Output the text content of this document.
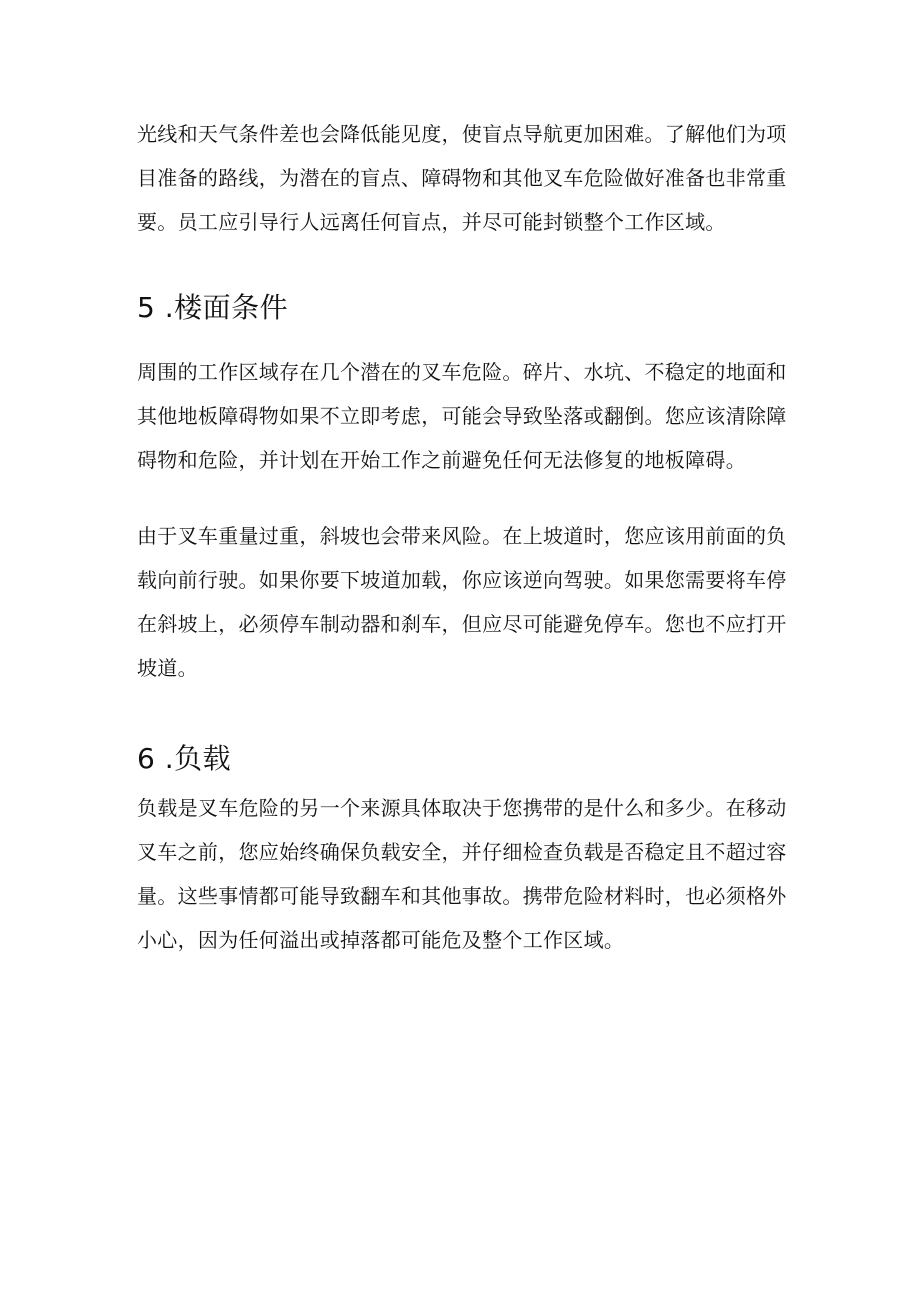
光线和天气条件差也会降低能见度，使盲点导航更加困难。了解他们为项
目准备的路线，为潜在的盲点、障碍物和其他叉车危险做好准备也非常重
要。员工应引导行人远离任何盲点，并尽可能封锁整个工作区域。

5 .楼面条件

周围的工作区域存在几个潜在的叉车危险。碎片、水坑、不稳定的地面和
其他地板障碍物如果不立即考虑，可能会导致坠落或翻倒。您应该清除障
碍物和危险，并计划在开始工作之前避免任何无法修复的地板障碍。

由于叉车重量过重，斜坡也会带来风险。在上坡道时，您应该用前面的负
载向前行驶。如果你要下坡道加载，你应该逆向驾驶。如果您需要将车停
在斜坡上，必须停车制动器和刹车，但应尽可能避免停车。您也不应打开
坡道。

6 .负载

负载是叉车危险的另一个来源具体取决于您携带的是什么和多少。在移动
叉车之前，您应始终确保负载安全，并仔细检查负载是否稳定且不超过容
量。这些事情都可能导致翻车和其他事故。携带危险材料时，也必须格外
小心，因为任何溢出或掉落都可能危及整个工作区域。
